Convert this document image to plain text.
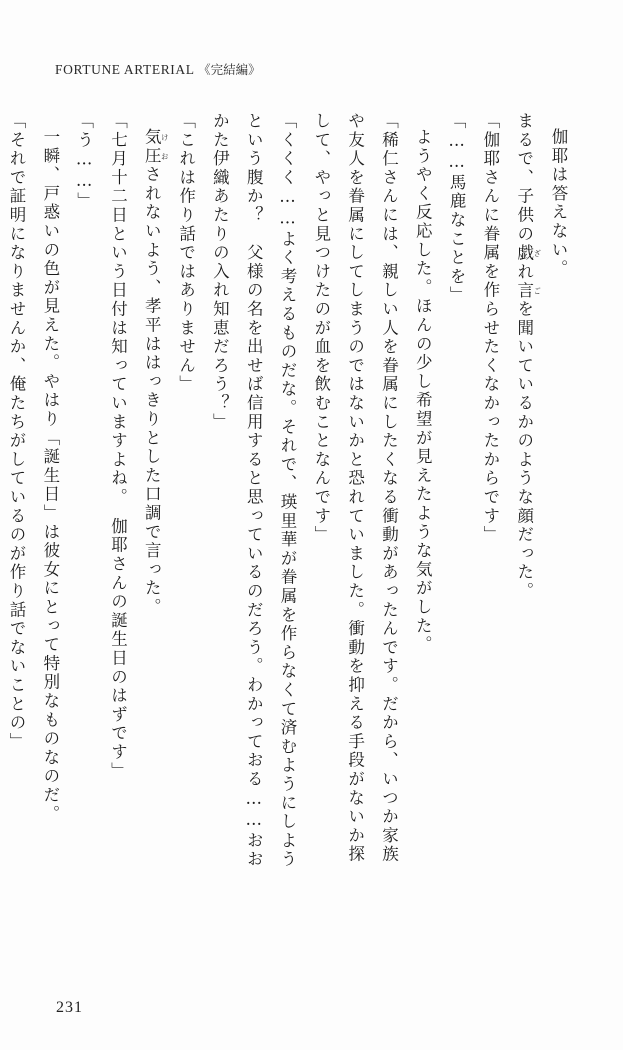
FORTUNE ARTERIAL 《完結編》

伽耶は答えない。

まるで、子供の戯れ言 ざ　ごを聞いているかのような顔だった。

「伽耶さんに眷属を作らせたくなかったからです」

「……馬鹿なことを」

ようやく反応した。ほんの少し希望が見えたような気がした。

「稀仁さんには、親しい人を眷属にしたくなる衝動があったんです。だから、いつか家族や友人を眷属にしてしまうのではないかと恐れていました。衝動を抑える手段がないか探して、やっと見つけたのが血を飲むことなんです」

「くくく……よく考えるものだな。それで、瑛里華が眷属を作らなくて済むようにしようという腹か？　父様の名を出せば信用すると思っているのだろう。わかっておる……おおかた伊織あたりの入れ知恵だろう？」

「これは作り話ではありません」

気圧 けおされないよう、孝平ははっきりとした口調で言った。

「七月十二日という日付は知っていますよね。　伽耶さんの誕生日のはずです」

「う……」

一瞬、戸惑いの色が見えた。やはり「誕生日」は彼女にとって特別なものなのだ。

「それで証明になりませんか、俺たちがしているのが作り話でないことの」

231
